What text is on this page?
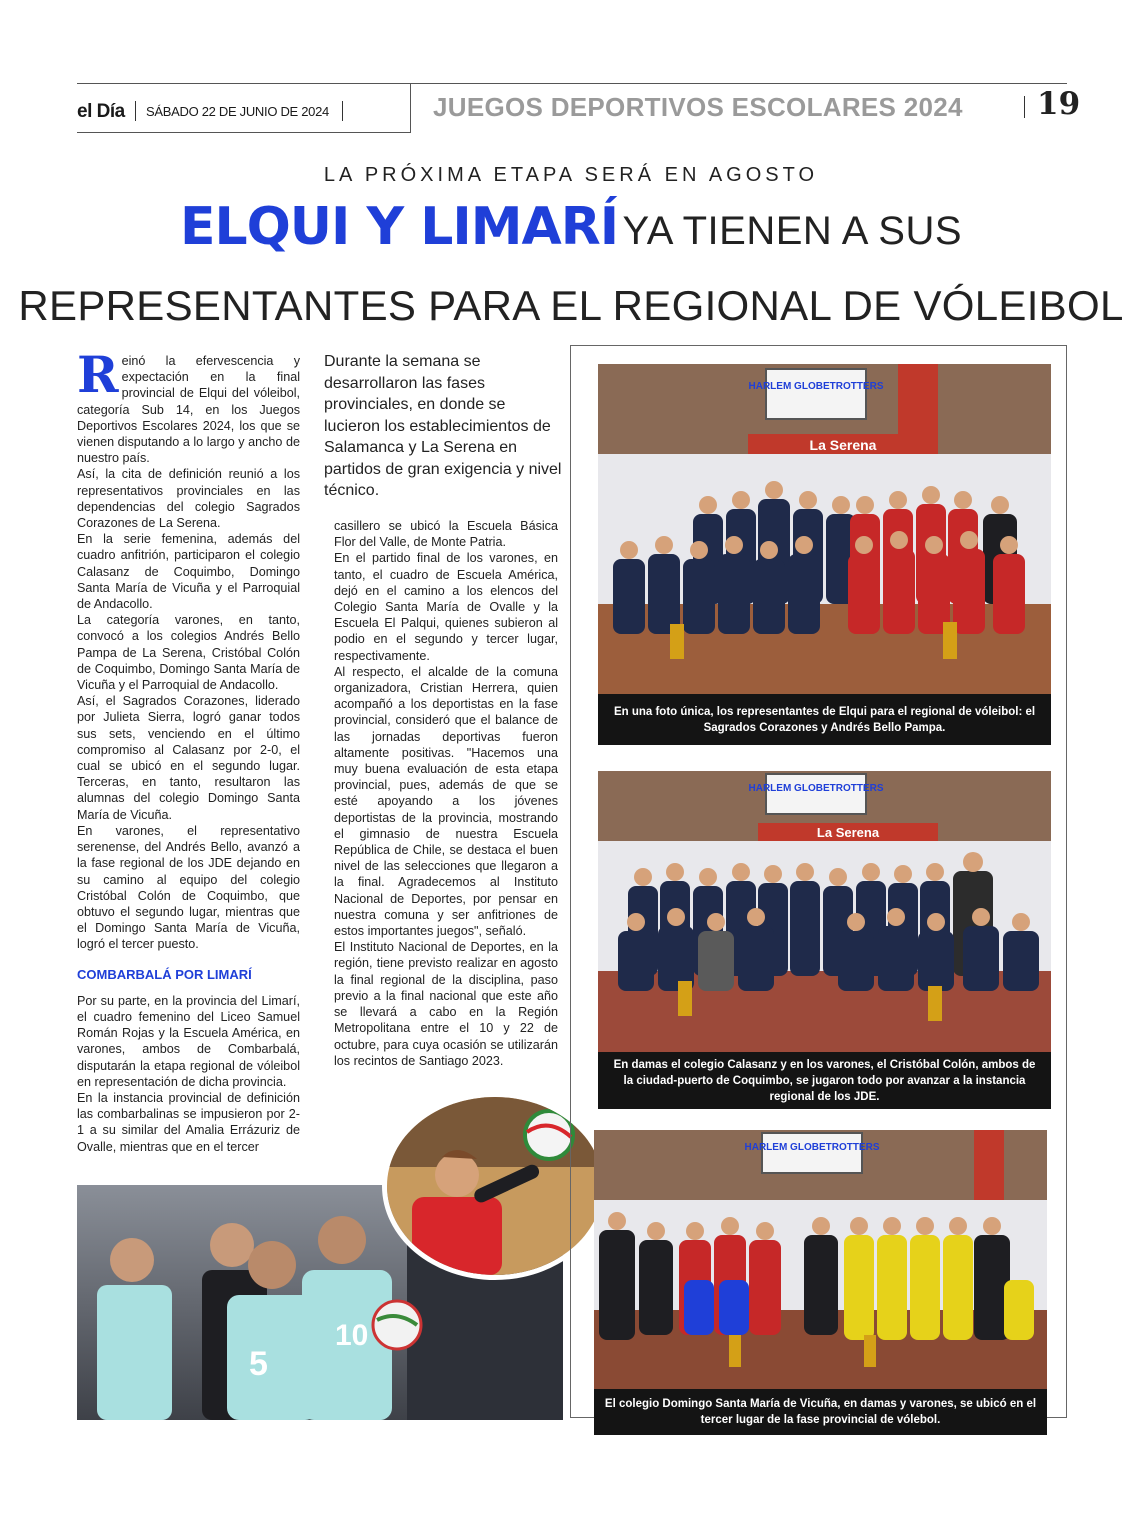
el Día SÁBADO 22 DE JUNIO DE 2024	JUEGOS DEPORTIVOS ESCOLARES 2024 19
LA PRÓXIMA ETAPA SERÁ EN AGOSTO
ELQUI Y LIMARÍ YA TIENEN A SUS
REPRESENTANTES PARA EL REGIONAL DE VÓLEIBOL

Reinó la efervescencia y expectación en la final provincial de Elqui del vóleibol, categoría Sub 14, en los Juegos Deportivos Escolares 2024, los que se vienen disputando a lo largo y ancho de nuestro país.

Así, la cita de definición reunió a los representativos provinciales en las dependencias del colegio Sagrados Corazones de La Serena.

En la serie femenina, además del cuadro anfitrión, participaron el colegio Calasanz de Coquimbo, Domingo Santa María de Vicuña y el Parroquial de Andacollo.

La categoría varones, en tanto, convocó a los colegios Andrés Bello Pampa de La Serena, Cristóbal Colón de Coquimbo, Domingo Santa María de Vicuña y el Parroquial de Andacollo.

Así, el Sagrados Corazones, liderado por Julieta Sierra, logró ganar todos sus sets, venciendo en el último compromiso al Calasanz por 2-0, el cual se ubicó en el segundo lugar. Terceras, en tanto, resultaron las alumnas del colegio Domingo Santa María de Vicuña.

En varones, el representativo serenense, del Andrés Bello, avanzó a la fase regional de los JDE dejando en su camino al equipo del colegio Cristóbal Colón de Coquimbo, que obtuvo el segundo lugar, mientras que el Domingo Santa María de Vicuña, logró el tercer puesto.

COMBARBALÁ POR LIMARÍ

Por su parte, en la provincia del Limarí, el cuadro femenino del Liceo Samuel Román Rojas y la Escuela América, en varones, ambos de Combarbalá, disputarán la etapa regional de vóleibol en representación de dicha provincia.

En la instancia provincial de definición las combarbalinas se impusieron por 2-1 a su similar del Amalia Errázuriz de Ovalle, mientras que en el tercer

Durante la semana se desarrollaron las fases provinciales, en donde se lucieron los establecimientos de Salamanca y La Serena en partidos de gran exigencia y nivel técnico.

casillero se ubicó la Escuela Básica Flor del Valle, de Monte Patria.

En el partido final de los varones, en tanto, el cuadro de Escuela América, dejó en el camino a los elencos del Colegio Santa María de Ovalle y la Escuela El Palqui, quienes subieron al podio en el segundo y tercer lugar, respectivamente.

Al respecto, el alcalde de la comuna organizadora, Cristian Herrera, quien acompañó a los deportistas en la fase provincial, consideró que el balance de las jornadas deportivas fueron altamente positivas. "Hacemos una muy buena evaluación de esta etapa provincial, pues, además de que se esté apoyando a los jóvenes deportistas de la provincia, mostrando el gimnasio de nuestra Escuela República de Chile, se destaca el buen nivel de las selecciones que llegaron a la final. Agradecemos al Instituto Nacional de Deportes, por pensar en nuestra comuna y ser anfitriones de estos importantes juegos", señaló.

El Instituto Nacional de Deportes, en la región, tiene previsto realizar en agosto la final regional de la disciplina, paso previo a la final nacional que este año se llevará a cabo en la Región Metropolitana entre el 10 y 22 de octubre, para cuya ocasión se utilizarán los recintos de Santiago 2023.

5
10
HARLEM GLOBETROTTERS
La Serena
En una foto única, los representantes de Elqui para el regional de vóleibol: el Sagrados Corazones y Andrés Bello Pampa.
HARLEM GLOBETROTTERS
La Serena
En damas el colegio Calasanz y en los varones, el Cristóbal Colón, ambos de la ciudad-puerto de Coquimbo, se jugaron todo por avanzar a la instancia regional de los JDE.
HARLEM GLOBETROTTERS
El colegio Domingo Santa María de Vicuña, en damas y varones, se ubicó en el tercer lugar de la fase provincial de vólebol.
